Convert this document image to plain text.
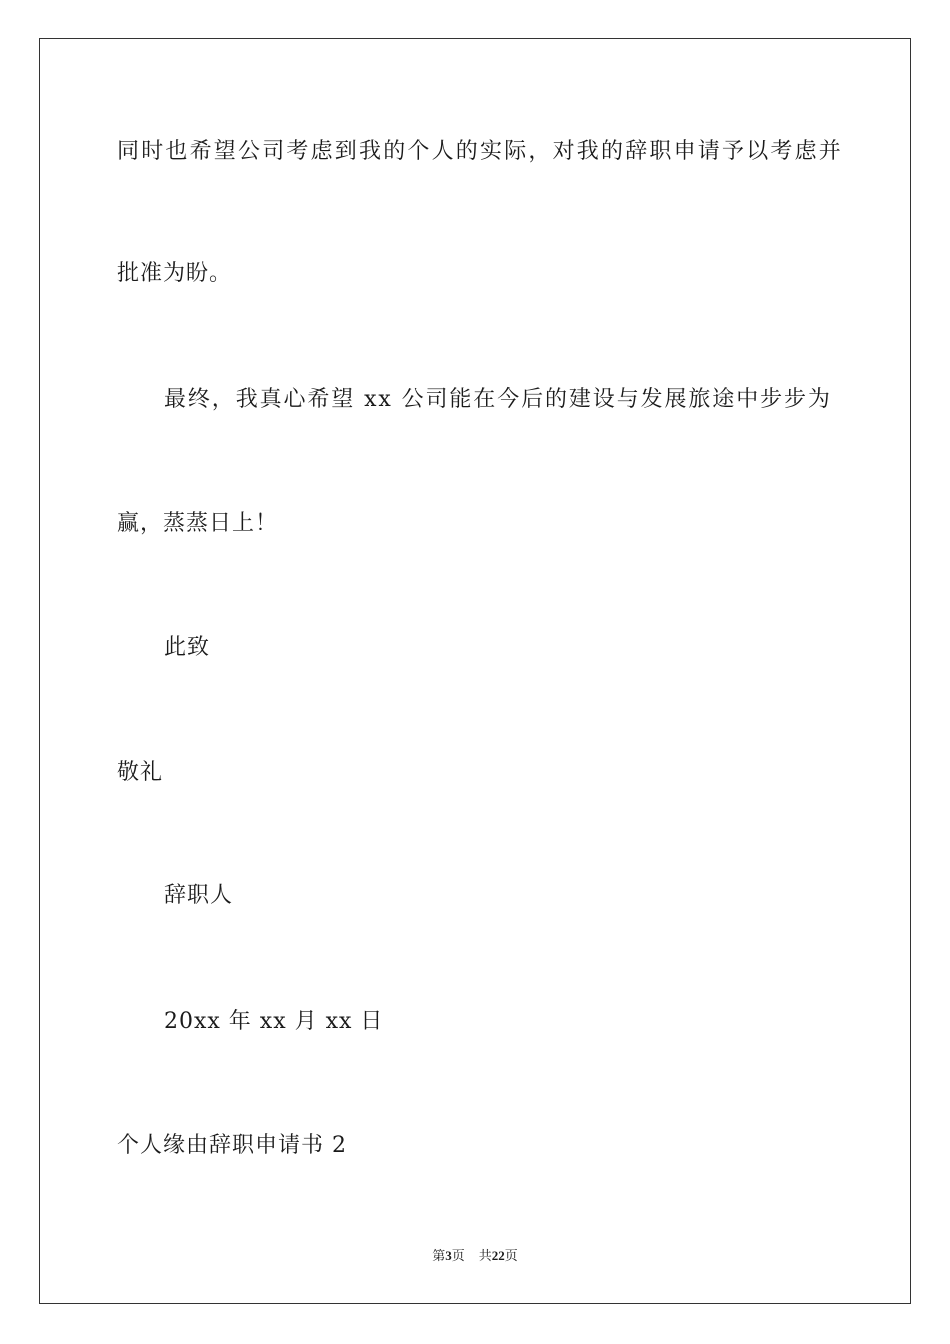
同时也希望公司考虑到我的个人的实际，对我的辞职申请予以考虑并
批准为盼。
最终，我真心希望 xx 公司能在今后的建设与发展旅途中步步为
赢，蒸蒸日上！
此致
敬礼
辞职人
20xx 年 xx 月 xx 日
个人缘由辞职申请书 2
第3页 共22页
